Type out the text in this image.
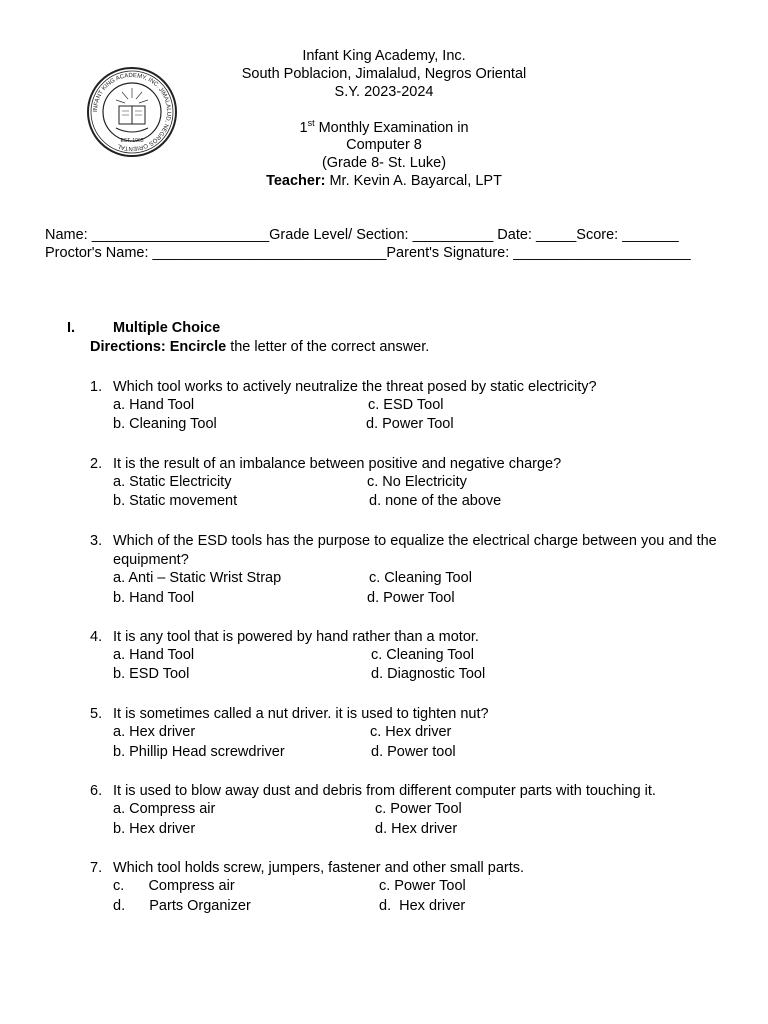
INFANT KING ACADEMY, INC. JIMALALUD, NEGROS ORIENTAL
EST. 1965
Infant King Academy, Inc.
South Poblacion, Jimalalud, Negros Oriental
S.Y. 2023-2024
1st Monthly Examination in
Computer 8
(Grade 8- St. Luke)
Teacher: Mr. Kevin A. Bayarcal, LPT
Name: ______________________Grade Level/ Section: __________ Date: _____Score: _______
Proctor's Name: _____________________________Parent's Signature: ______________________
I.	Multiple Choice
Directions: Encircle the letter of the correct answer.
1. Which tool works to actively neutralize the threat posed by static electricity?
a. Hand Tool	c. ESD Tool
b. Cleaning Tool	d. Power Tool
2. It is the result of an imbalance between positive and negative charge?
a. Static Electricity	c. No Electricity
b. Static movement	d. none of the above
3. Which of the ESD tools has the purpose to equalize the electrical charge between you and the equipment?
a. Anti – Static Wrist Strap	c. Cleaning Tool
b. Hand Tool	d. Power Tool
4. It is any tool that is powered by hand rather than a motor.
a. Hand Tool	c. Cleaning Tool
b. ESD Tool	d. Diagnostic Tool
5. It is sometimes called a nut driver. it is used to tighten nut?
a. Hex driver	c. Hex driver
b. Phillip Head screwdriver	d. Power tool
6. It is used to blow away dust and debris from different computer parts with touching it.
a. Compress air	c. Power Tool
b. Hex driver	d. Hex driver
7. Which tool holds screw, jumpers, fastener and other small parts.
c.      Compress air	c. Power Tool
d.      Parts Organizer	d.  Hex driver
